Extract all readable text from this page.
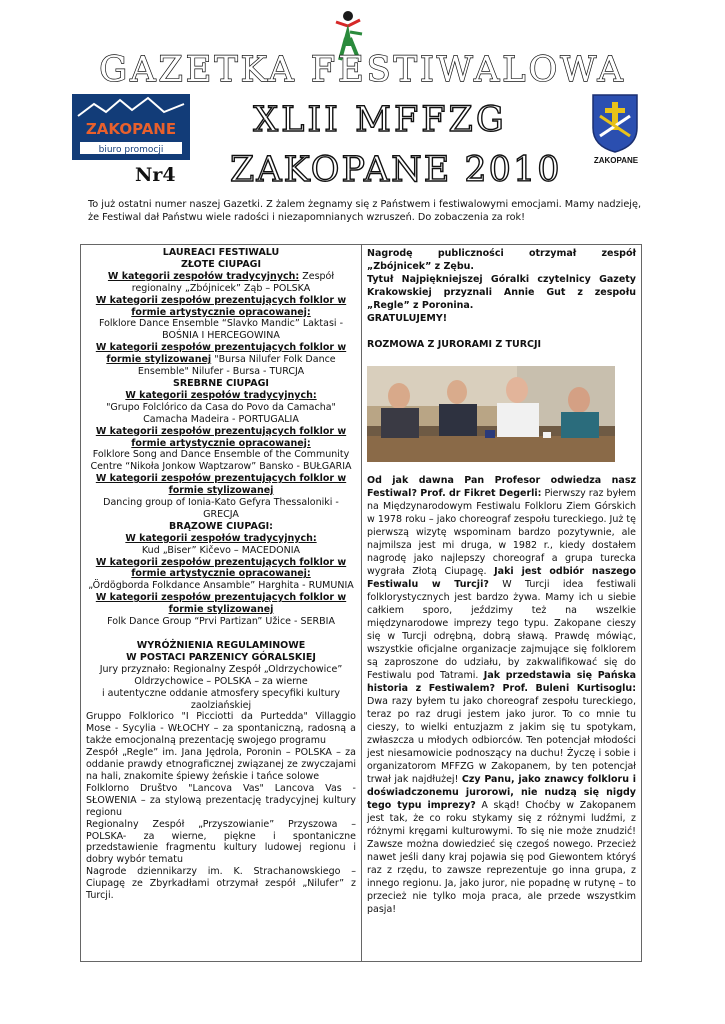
GAZETKA FESTIWALOWA
XLII MFFZG
ZAKOPANE 2010
Nr4
ZAKOPANE
biuro promocji
ZAKOPANE
To już ostatni numer naszej Gazetki. Z żalem żegnamy się z Państwem i festiwalowymi emocjami. Mamy nadzieję, że Festiwal dał Państwu wiele radości i niezapomnianych wzruszeń. Do zobaczenia za rok!

LAUREACI FESTIWALU

ZŁOTE CIUPAGI

W kategorii zespołów tradycyjnych: Zespół regionalny „Zbójnicek” Ząb – POLSKA

W kategorii zespołów prezentujących folklor w formie artystycznie opracowanej:

Folklore Dance Ensemble “Slavko Mandic” Laktasi - BOŚNIA I HERCEGOWINA

W kategorii zespołów prezentujących folklor w formie stylizowanej "Bursa Nilufer Folk Dance Ensemble" Nilufer - Bursa - TURCJA

SREBRNE CIUPAGI

W kategorii zespołów tradycyjnych:

"Grupo Folclórico da Casa do Povo da Camacha" Camacha Madeira - PORTUGALIA

W kategorii zespołów prezentujących folklor w formie artystycznie opracowanej:

Folklore Song and Dance Ensemble of the Community Centre “Nikoła Jonkow Waptzarow” Bansko - BUŁGARIA

W kategorii zespołów prezentujących folklor w formie stylizowanej

Dancing group of Ionia-Kato Gefyra Thessaloniki - GRECJA

BRĄZOWE CIUPAGI:

W kategorii zespołów tradycyjnych:

Kud „Biser” Kičevo – MACEDONIA

W kategorii zespołów prezentujących folklor w formie artystycznie opracowanej:

„Ördögborda Folkdance Ansamble” Harghita - RUMUNIA

W kategorii zespołów prezentujących folklor w formie stylizowanej

Folk Dance Group “Prvi Partizan” Užice - SERBIA

WYRÓŻNIENIA REGULAMINOWE

W POSTACI PARZENICY GÓRALSKIEJ

Jury przyznało: Regionalny Zespół „Oldrzychowice” Oldrzychowice – POLSKA – za wierne

i autentyczne oddanie atmosfery specyfiki kultury zaolziańskiej

Gruppo Folklorico "I Picciotti da Purtedda" Villaggio Mose - Sycylia - WŁOCHY – za spontaniczną, radosną a także emocjonalną prezentację swojego programu

Zespół „Regle” im. Jana Jędrola, Poronin – POLSKA – za oddanie prawdy etnograficznej związanej ze zwyczajami na hali, znakomite śpiewy żeńskie i tańce solowe

Folklorno Društvo "Lancova Vas" Lancova Vas - SŁOWENIA – za stylową prezentację tradycyjnej kultury regionu

Regionalny Zespół „Przyszowianie” Przyszowa – POLSKA- za wierne, piękne i spontaniczne przedstawienie fragmentu kultury ludowej regionu i dobry wybór tematu

Nagrode dziennikarzy im. K. Strachanowskiego – Ciupagę ze Zbyrkadłami otrzymał zespół „Nilufer” z Turcji.

Nagrodę publiczności otrzymał zespół „Zbójnicek” z Zębu.

Tytuł Najpiękniejszej Góralki czytelnicy Gazety Krakowskiej przyznali Annie Gut z zespołu „Regle” z Poronina.

GRATULUJEMY!

ROZMOWA Z JURORAMI Z TURCJI

Od jak dawna Pan Profesor odwiedza nasz Festiwal? Prof. dr Fikret Degerli: Pierwszy raz byłem na Międzynarodowym Festiwalu Folkloru Ziem Górskich w 1978 roku – jako choreograf zespołu tureckiego. Już tę pierwszą wizytę wspominam bardzo pozytywnie, ale najmilsza jest mi druga, w 1982 r., kiedy dostałem nagrodę jako najlepszy choreograf a grupa turecka wygrała Złotą Ciupagę. Jaki jest odbiór naszego Festiwalu w Turcji? W Turcji idea festiwali folklorystycznych jest bardzo żywa. Mamy ich u siebie całkiem sporo, jeździmy też na wszelkie międzynarodowe imprezy tego typu. Zakopane cieszy się w Turcji odrębną, dobrą sławą. Prawdę mówiąc, wszystkie oficjalne organizacje zajmujące się folklorem są zaproszone do udziału, by zakwalifikować się do Festiwalu pod Tatrami. Jak przedstawia się Pańska historia z Festiwalem? Prof. Buleni Kurtisoglu: Dwa razy byłem tu jako choreograf zespołu tureckiego, teraz po raz drugi jestem jako juror. To co mnie tu cieszy, to wielki entuzjazm z jakim się tu spotykam, zwłaszcza u młodych odbiorców. Ten potencjał młodości jest niesamowicie podnoszący na duchu! Życzę i sobie i organizatorom MFFZG w Zakopanem, by ten potencjał trwał jak najdłużej! Czy Panu, jako znawcy folkloru i doświadczonemu jurorowi, nie nudzą się nigdy tego typu imprezy? A skąd! Choćby w Zakopanem jest tak, że co roku stykamy się z różnymi ludźmi, z różnymi kręgami kulturowymi. To się nie może znudzić! Zawsze można dowiedzieć się czegoś nowego. Przecież nawet jeśli dany kraj pojawia się pod Giewontem któryś raz z rzędu, to zawsze reprezentuje go inna grupa, z innego regionu. Ja, jako juror, nie popadnę w rutynę – to przecież nie tylko moja praca, ale przede wszystkim pasja!
